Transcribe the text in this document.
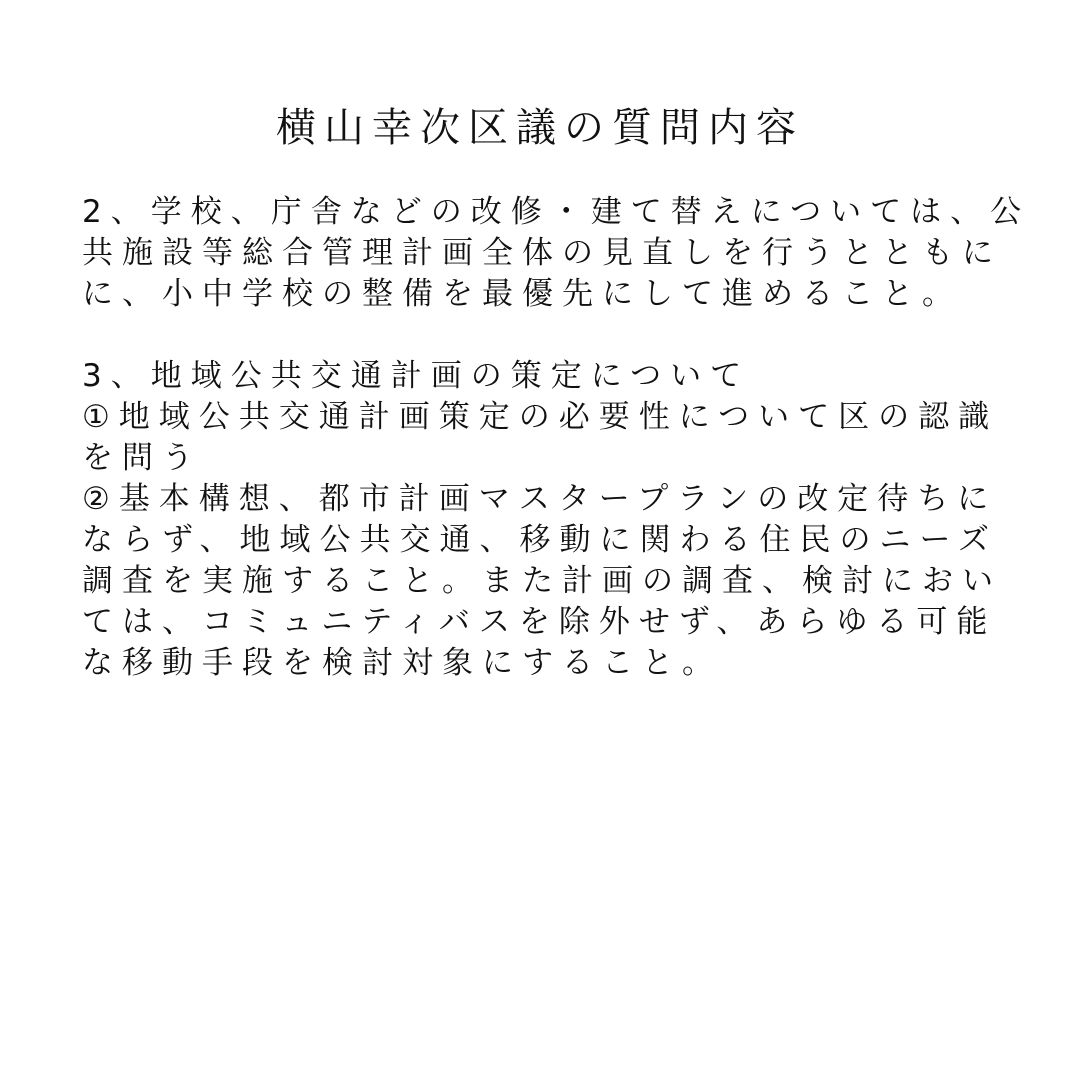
横山幸次区議の質問内容
2、学校、庁舎などの改修・建て替えについては、公
共施設等総合管理計画全体の見直しを行うとともに
に、小中学校の整備を最優先にして進めること。
3、地域公共交通計画の策定について
①地域公共交通計画策定の必要性について区の認識
を問う
②基本構想、都市計画マスタープランの改定待ちに
ならず、地域公共交通、移動に関わる住民のニーズ
調査を実施すること。また計画の調査、検討におい
ては、コミュニティバスを除外せず、あらゆる可能
な移動手段を検討対象にすること。
